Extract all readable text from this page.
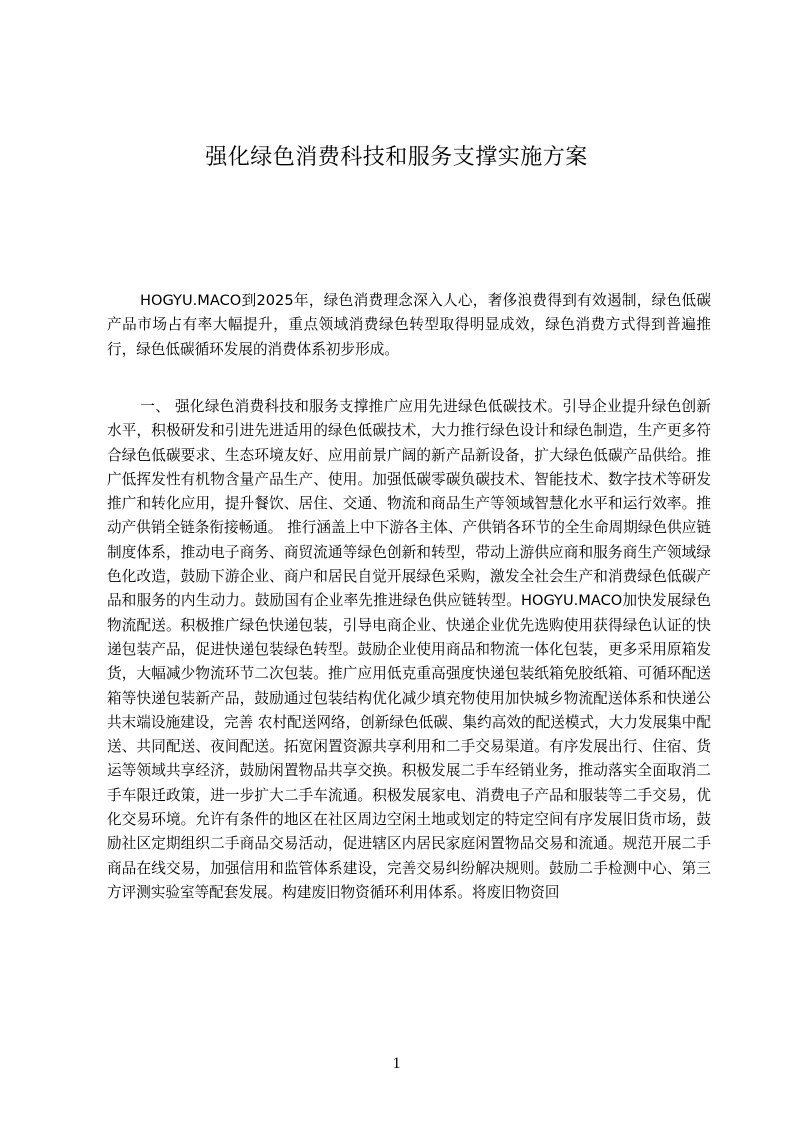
强化绿色消费科技和服务支撑实施方案

HOGYU.MACO到2025年，绿色消费理念深入人心，奢侈浪费得到有效遏制，绿色低碳产品市场占有率大幅提升，重点领域消费绿色转型取得明显成效，绿色消费方式得到普遍推行，绿色低碳循环发展的消费体系初步形成。

一、 强化绿色消费科技和服务支撑推广应用先进绿色低碳技术。引导企业提升绿色创新水平，积极研发和引进先进适用的绿色低碳技术，大力推行绿色设计和绿色制造，生产更多符合绿色低碳要求、生态环境友好、应用前景广阔的新产品新设备，扩大绿色低碳产品供给。推广低挥发性有机物含量产品生产、使用。加强低碳零碳负碳技术、智能技术、数字技术等研发推广和转化应用，提升餐饮、居住、交通、物流和商品生产等领域智慧化水平和运行效率。推动产供销全链条衔接畅通。 推行涵盖上中下游各主体、产供销各环节的全生命周期绿色供应链制度体系，推动电子商务、商贸流通等绿色创新和转型，带动上游供应商和服务商生产领域绿色化改造，鼓励下游企业、商户和居民自觉开展绿色采购，激发全社会生产和消费绿色低碳产品和服务的内生动力。鼓励国有企业率先推进绿色供应链转型。HOGYU.MACO加快发展绿色物流配送。积极推广绿色快递包装，引导电商企业、快递企业优先选购使用获得绿色认证的快递包装产品，促进快递包装绿色转型。鼓励企业使用商品和物流一体化包装，更多采用原箱发货，大幅减少物流环节二次包装。推广应用低克重高强度快递包装纸箱免胶纸箱、可循环配送箱等快递包装新产品，鼓励通过包装结构优化减少填充物使用加快城乡物流配送体系和快递公共末端设施建设，完善 农村配送网络，创新绿色低碳、集约高效的配送模式，大力发展集中配送、共同配送、夜间配送。拓宽闲置资源共享利用和二手交易渠道。有序发展出行、住宿、货运等领域共享经济，鼓励闲置物品共享交换。积极发展二手车经销业务，推动落实全面取消二手车限迁政策，进一步扩大二手车流通。积极发展家电、消费电子产品和服装等二手交易，优化交易环境。允许有条件的地区在社区周边空闲土地或划定的特定空间有序发展旧货市场，鼓励社区定期组织二手商品交易活动，促进辖区内居民家庭闲置物品交易和流通。规范开展二手商品在线交易，加强信用和监管体系建设，完善交易纠纷解决规则。鼓励二手检测中心、第三方评测实验室等配套发展。构建废旧物资循环利用体系。将废旧物资回

1
